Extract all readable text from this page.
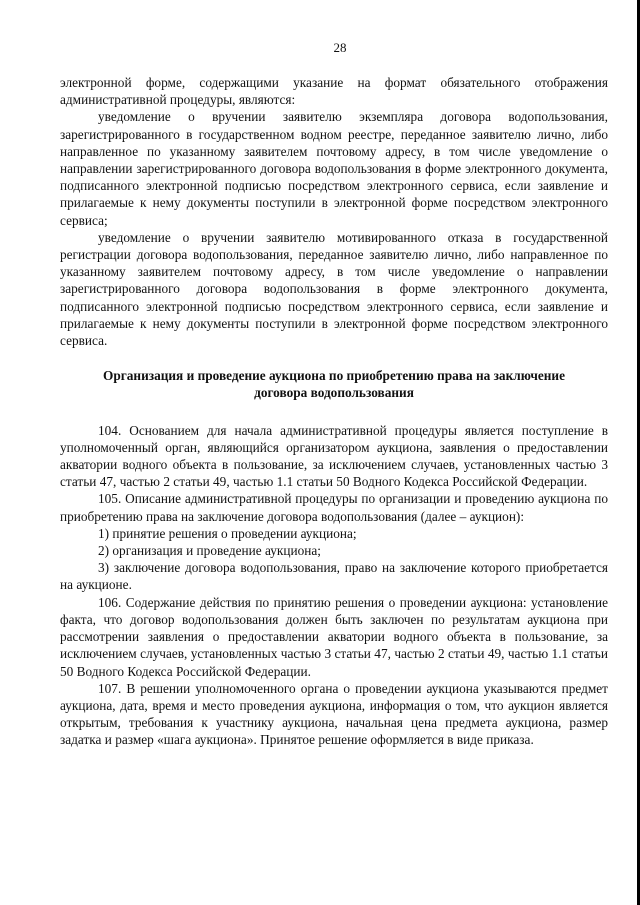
28

электронной форме, содержащими указание на формат обязательного отображения административной процедуры, являются:

уведомление о вручении заявителю экземпляра договора водопользования, зарегистрированного в государственном водном реестре, переданное заявителю лично, либо направленное по указанному заявителем почтовому адресу, в том числе уведомление о направлении зарегистрированного договора водопользования в форме электронного документа, подписанного электронной подписью посредством электронного сервиса, если заявление и прилагаемые к нему документы поступили в электронной форме посредством электронного сервиса;

уведомление о вручении заявителю мотивированного отказа в государственной регистрации договора водопользования, переданное заявителю лично, либо направленное по указанному заявителем почтовому адресу, в том числе уведомление о направлении зарегистрированного договора водопользования в форме электронного документа, подписанного электронной подписью посредством электронного сервиса, если заявление и прилагаемые к нему документы поступили в электронной форме посредством электронного сервиса.

Организация и проведение аукциона по приобретению права на заключение договора водопользования

104. Основанием для начала административной процедуры является поступление в уполномоченный орган, являющийся организатором аукциона, заявления о предоставлении акватории водного объекта в пользование, за исключением случаев, установленных частью 3 статьи 47, частью 2 статьи 49, частью 1.1 статьи 50 Водного Кодекса Российской Федерации.

105. Описание административной процедуры по организации и проведению аукциона по приобретению права на заключение договора водопользования (далее – аукцион):

1) принятие решения о проведении аукциона;

2) организация и проведение аукциона;

3) заключение договора водопользования, право на заключение которого приобретается на аукционе.

106. Содержание действия по принятию решения о проведении аукциона: установление факта, что договор водопользования должен быть заключен по результатам аукциона при рассмотрении заявления о предоставлении акватории водного объекта в пользование, за исключением случаев, установленных частью 3 статьи 47, частью 2 статьи 49, частью 1.1 статьи 50 Водного Кодекса Российской Федерации.

107. В решении уполномоченного органа о проведении аукциона указываются предмет аукциона, дата, время и место проведения аукциона, информация о том, что аукцион является открытым, требования к участнику аукциона, начальная цена предмета аукциона, размер задатка и размер «шага аукциона». Принятое решение оформляется в виде приказа.
